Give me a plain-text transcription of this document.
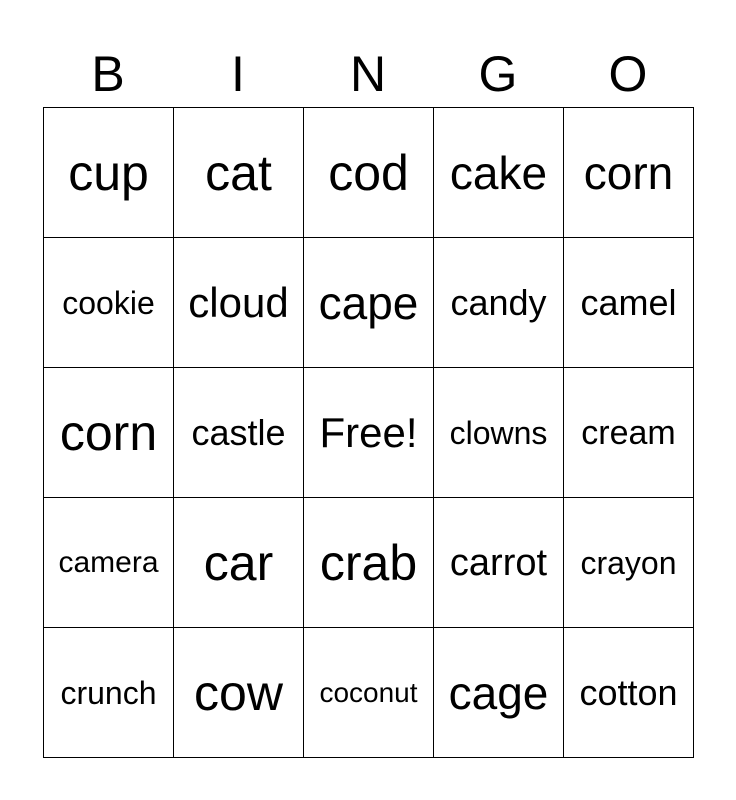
B	I	N	G	O
cup	cat	cod cake corn
cookie cloud cape candy camel
corn castle Free!	clowns cream
camera car crab carrot	crayon
crunch cow	coconut cage cotton
